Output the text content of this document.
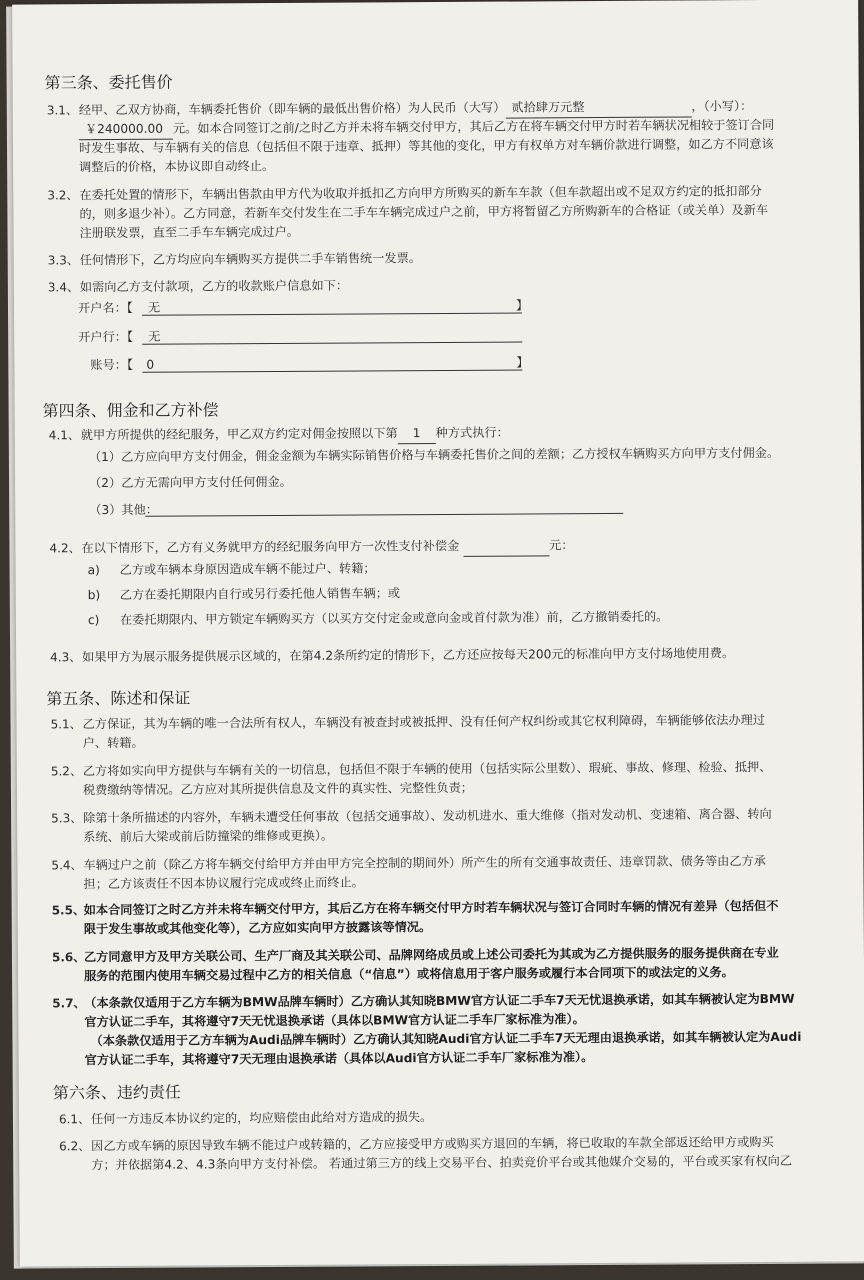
第三条、委托售价
3.1、 经甲、乙双方协商，车辆委托售价（即车辆的最低出售价格）为人民币（大写） 贰拾肆万元整	，（小写）：
￥240000.00 元。如本合同签订之前/之时乙方并未将车辆交付甲方，其后乙方在将车辆交付甲方时若车辆状况相较于签订合同
时发生事故、与车辆有关的信息（包括但不限于违章、抵押）等其他的变化，甲方有权单方对车辆价款进行调整，如乙方不同意该
调整后的价格，本协议即自动终止。
3.2、 在委托处置的情形下，车辆出售款由甲方代为收取并抵扣乙方向甲方所购买的新车车款（但车款超出或不足双方约定的抵扣部分
的，则多退少补）。乙方同意，若新车交付发生在二手车车辆完成过户之前，甲方将暂留乙方所购新车的合格证（或关单）及新车
注册联发票，直至二手车车辆完成过户。
3.3、 任何情形下，乙方均应向车辆购买方提供二手车销售统一发票。
3.4、 如需向乙方支付款项，乙方的收款账户信息如下：
开户名：【 无	】
开户行：【 无
账号：【 0	】
第四条、佣金和乙方补偿
4.1、 就甲方所提供的经纪服务，甲乙双方约定对佣金按照以下第 1 种方式执行：
（1）乙方应向甲方支付佣金，佣金金额为车辆实际销售价格与车辆委托售价之间的差额；乙方授权车辆购买方向甲方支付佣金。
（2）乙方无需向甲方支付任何佣金。
（3）其他：
4.2、 在以下情形下，乙方有义务就甲方的经纪服务向甲方一次性支付补偿金	元：
a) 乙方或车辆本身原因造成车辆不能过户、转籍；
b) 乙方在委托期限内自行或另行委托他人销售车辆；或
c) 在委托期限内、甲方锁定车辆购买方（以买方交付定金或意向金或首付款为准）前，乙方撤销委托的。
4.3、 如果甲方为展示服务提供展示区域的，在第4.2条所约定的情形下，乙方还应按每天200元的标准向甲方支付场地使用费。
第五条、陈述和保证
5.1、 乙方保证，其为车辆的唯一合法所有权人，车辆没有被查封或被抵押、没有任何产权纠纷或其它权利障碍，车辆能够依法办理过
户、转籍。
5.2、 乙方将如实向甲方提供与车辆有关的一切信息，包括但不限于车辆的使用（包括实际公里数）、瑕疵、事故、修理、检验、抵押、
税费缴纳等情况。乙方应对其所提供信息及文件的真实性、完整性负责；
5.3、 除第十条所描述的内容外，车辆未遭受任何事故（包括交通事故）、发动机进水、重大维修（指对发动机、变速箱、离合器、转向
系统、前后大梁或前后防撞梁的维修或更换）。
5.4、 车辆过户之前（除乙方将车辆交付给甲方并由甲方完全控制的期间外）所产生的所有交通事故责任、违章罚款、债务等由乙方承
担；乙方该责任不因本协议履行完成或终止而终止。
5.5、
如本合同签订之时乙方并未将车辆交付甲方，其后乙方在将车辆交付甲方时若车辆状况与签订合同时车辆的情况有差异（包括但不
限于发生事故或其他变化等），乙方应如实向甲方披露该等情况。
5.6、
乙方同意甲方及甲方关联公司、生产厂商及其关联公司、品牌网络成员或上述公司委托为其或为乙方提供服务的服务提供商在专业
服务的范围内使用车辆交易过程中乙方的相关信息（“信息”）或将信息用于客户服务或履行本合同项下的或法定的义务。
5.7、
（本条款仅适用于乙方车辆为BMW品牌车辆时）乙方确认其知晓BMW官方认证二手车7天无忧退换承诺，如其车辆被认定为BMW
官方认证二手车，其将遵守7天无忧退换承诺（具体以BMW官方认证二手车厂家标准为准）。
（本条款仅适用于乙方车辆为Audi品牌车辆时）乙方确认其知晓Audi官方认证二手车7天无理由退换承诺，如其车辆被认定为Audi
官方认证二手车，其将遵守7天无理由退换承诺（具体以Audi官方认证二手车厂家标准为准）。
第六条、违约责任
6.1、 任何一方违反本协议约定的，均应赔偿由此给对方造成的损失。
6.2、 因乙方或车辆的原因导致车辆不能过户或转籍的，乙方应接受甲方或购买方退回的车辆，将已收取的车款全部返还给甲方或购买
方；并依据第4.2、4.3条向甲方支付补偿。 若通过第三方的线上交易平台、拍卖竞价平台或其他媒介交易的，平台或买家有权向乙
